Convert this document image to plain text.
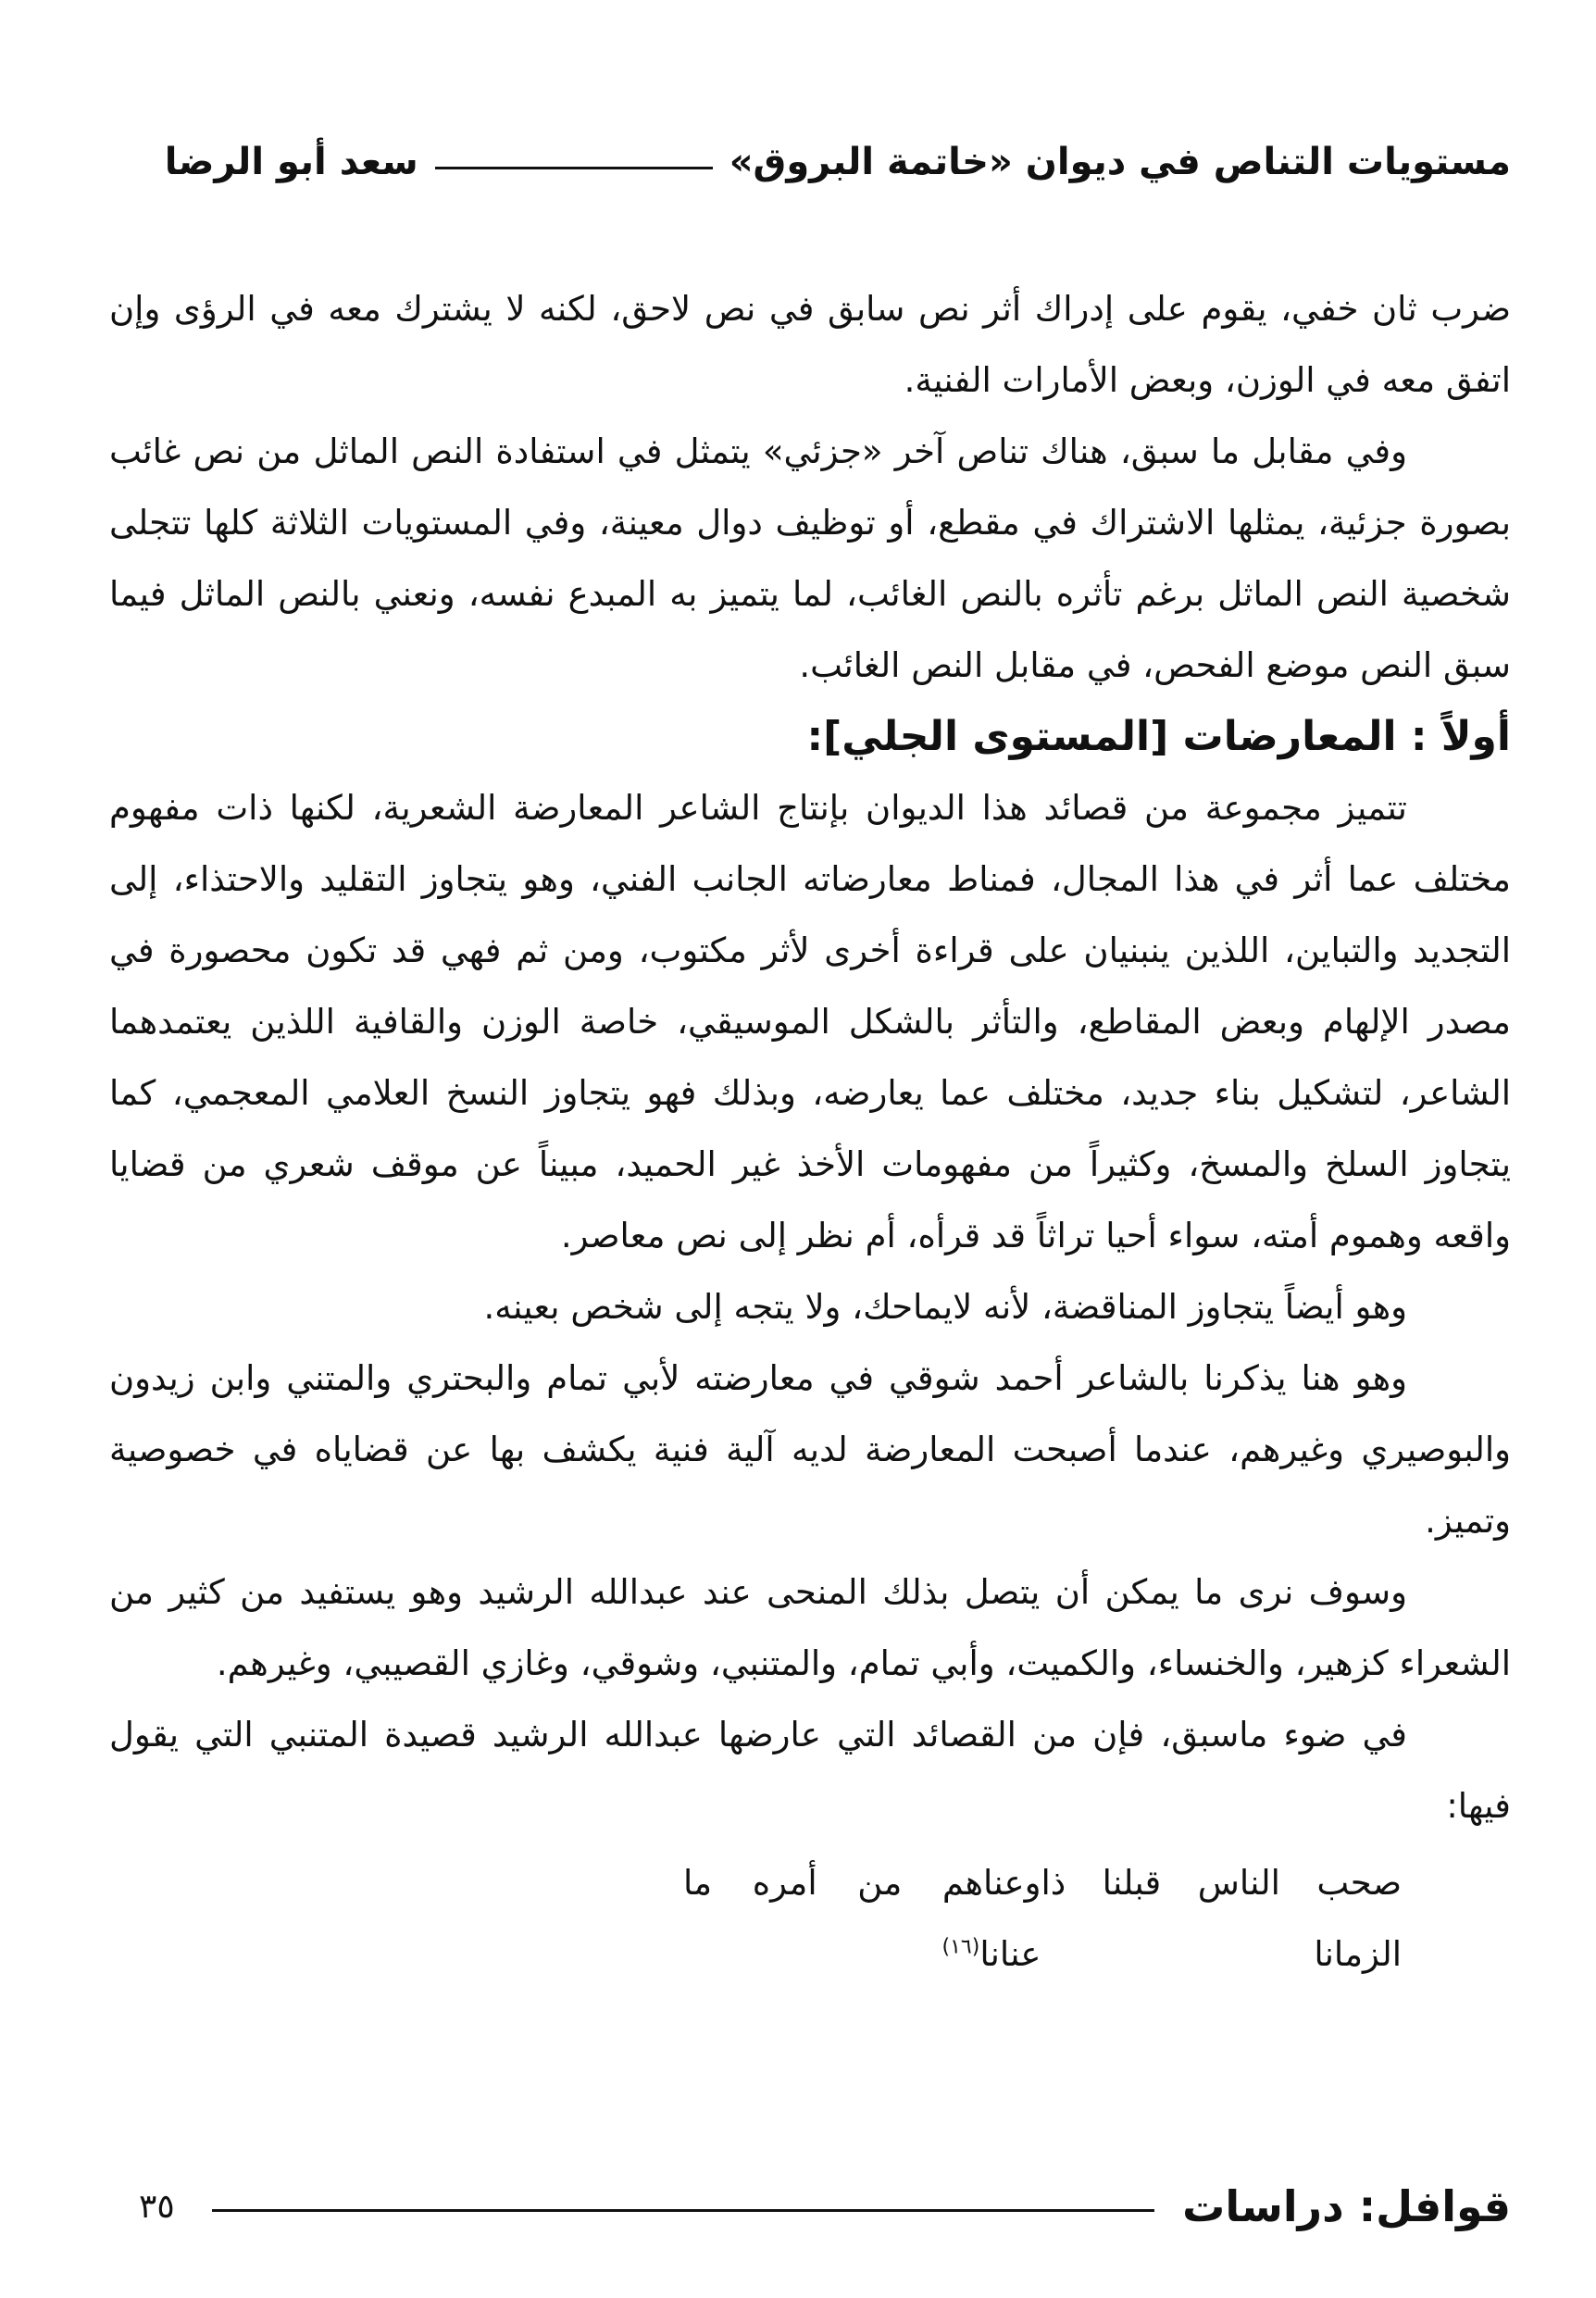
مستويات التناص في ديوان «خاتمة البروق»
سعد أبو الرضا

ضرب ثان خفي، يقوم على إدراك أثر نص سابق في نص لاحق، لكنه لا يشترك معه في الرؤى وإن اتفق معه في الوزن، وبعض الأمارات الفنية.

وفي مقابل ما سبق، هناك تناص آخر «جزئي» يتمثل في استفادة النص الماثل من نص غائب بصورة جزئية، يمثلها الاشتراك في مقطع، أو توظيف دوال معينة، وفي المستويات الثلاثة كلها تتجلى شخصية النص الماثل برغم تأثره بالنص الغائب، لما يتميز به المبدع نفسه، ونعني بالنص الماثل فيما سبق النص موضع الفحص، في مقابل النص الغائب.

أولاً : المعارضات [المستوى الجلي]:

تتميز مجموعة من قصائد هذا الديوان بإنتاج الشاعر المعارضة الشعرية، لكنها ذات مفهوم مختلف عما أثر في هذا المجال، فمناط معارضاته الجانب الفني، وهو يتجاوز التقليد والاحتذاء، إلى التجديد والتباين، اللذين ينبنيان على قراءة أخرى لأثر مكتوب، ومن ثم فهي قد تكون محصورة في مصدر الإلهام وبعض المقاطع، والتأثر بالشكل الموسيقي، خاصة الوزن والقافية اللذين يعتمدهما الشاعر، لتشكيل بناء جديد، مختلف عما يعارضه، وبذلك فهو يتجاوز النسخ العلامي المعجمي، كما يتجاوز السلخ والمسخ، وكثيراً من مفهومات الأخذ غير الحميد، مبيناً عن موقف شعري من قضايا واقعه وهموم أمته، سواء أحيا تراثاً قد قرأه، أم نظر إلى نص معاصر.

وهو أيضاً يتجاوز المناقضة، لأنه لايماحك، ولا يتجه إلى شخص بعينه.

وهو هنا يذكرنا بالشاعر أحمد شوقي في معارضته لأبي تمام والبحتري والمتني وابن زيدون والبوصيري وغيرهم، عندما أصبحت المعارضة لديه آلية فنية يكشف بها عن قضاياه في خصوصية وتميز.

وسوف نرى ما يمكن أن يتصل بذلك المنحى عند عبدالله الرشيد وهو يستفيد من كثير من الشعراء كزهير، والخنساء، والكميت، وأبي تمام، والمتنبي، وشوقي، وغازي القصيبي، وغيرهم.

في ضوء ماسبق، فإن من القصائد التي عارضها عبدالله الرشيد قصيدة المتنبي التي يقول فيها:

صحب الناس قبلنا ذا الزمانا
وعناهم من أمره ما عنانا$^{(١٦)}$
قوافل: دراسات
٣٥
